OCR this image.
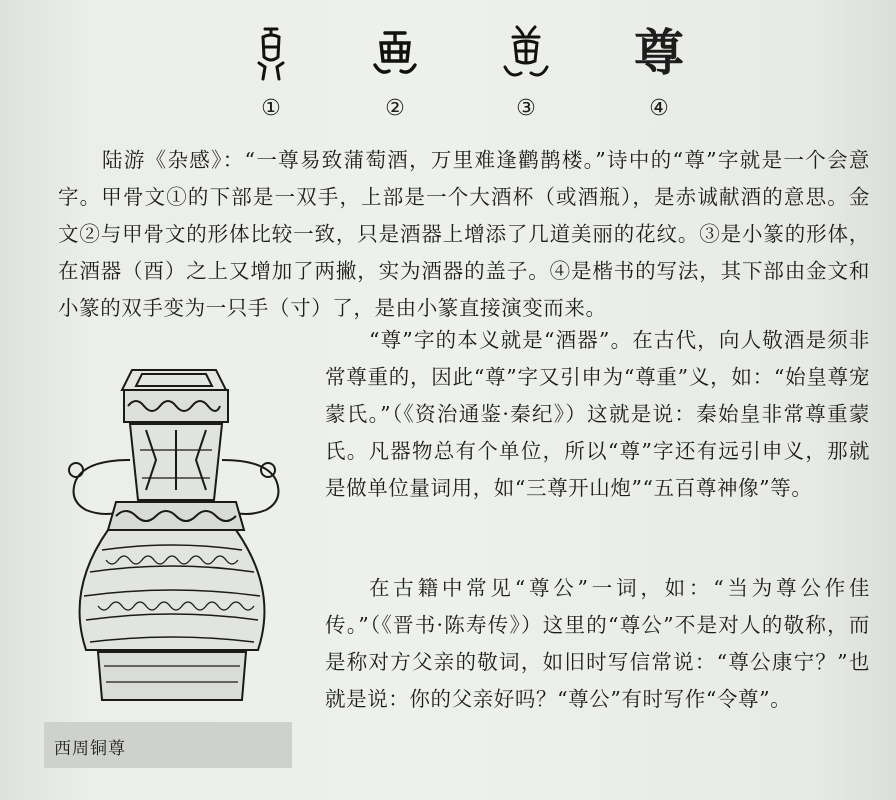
①	②	③
尊
④

陆游《杂感》：“一尊易致蒲萄酒，万里难逢鹳鹊楼。”诗中的“尊”字就是一个会意字。甲骨文①的下部是一双手，上部是一个大酒杯（或酒瓶），是赤诚献酒的意思。金文②与甲骨文的形体比较一致，只是酒器上增添了几道美丽的花纹。③是小篆的形体，在酒器（酉）之上又增加了两撇，实为酒器的盖子。④是楷书的写法，其下部由金文和小篆的双手变为一只手（寸）了，是由小篆直接演变而来。

“尊”字的本义就是“酒器”。在古代，向人敬酒是须非常尊重的，因此“尊”字又引申为“尊重”义，如：“始皇尊宠蒙氏。”（《资治通鉴·秦纪》）这就是说：秦始皇非常尊重蒙氏。凡器物总有个单位，所以“尊”字还有远引申义，那就是做单位量词用，如“三尊开山炮”“五百尊神像”等。

在古籍中常见“尊公”一词，如：“当为尊公作佳传。”（《晋书·陈寿传》）这里的“尊公”不是对人的敬称，而是称对方父亲的敬词，如旧时写信常说：“尊公康宁？”也就是说：你的父亲好吗？“尊公”有时写作“令尊”。

西周铜尊
